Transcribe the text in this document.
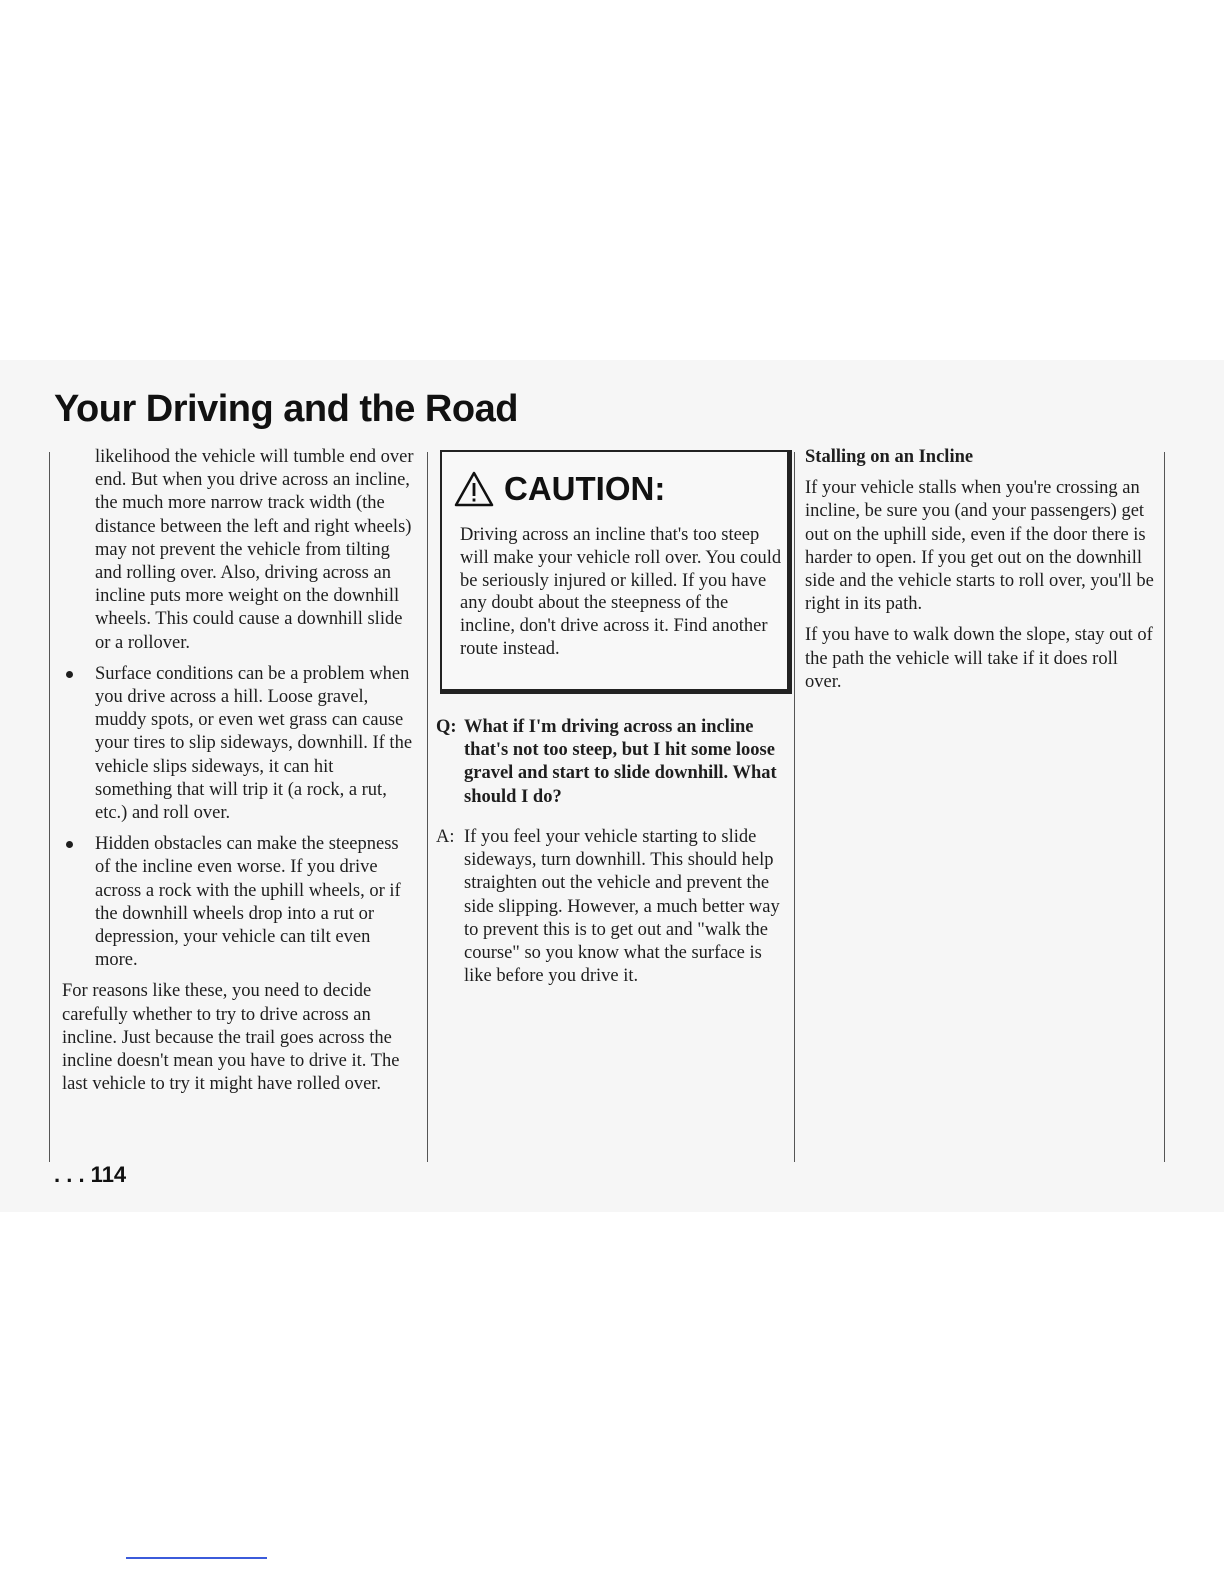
Your Driving and the Road

likelihood the vehicle will tumble end over end. But when you drive across an incline, the much more narrow track width (the distance between the left and right wheels) may not prevent the vehicle from tilting and rolling over. Also, driving across an incline puts more weight on the downhill wheels. This could cause a downhill slide or a rollover.

Surface conditions can be a problem when you drive across a hill. Loose gravel, muddy spots, or even wet grass can cause your tires to slip sideways, downhill. If the vehicle slips sideways, it can hit something that will trip it (a rock, a rut, etc.) and roll over.
Hidden obstacles can make the steepness of the incline even worse. If you drive across a rock with the uphill wheels, or if the downhill wheels drop into a rut or depression, your vehicle can tilt even more.

For reasons like these, you need to decide carefully whether to try to drive across an incline. Just because the trail goes across the incline doesn't mean you have to drive it. The last vehicle to try it might have rolled over.

CAUTION:

Driving across an incline that's too steep will make your vehicle roll over. You could be seriously injured or killed. If you have any doubt about the steepness of the incline, don't drive across it. Find another route instead.

Q: What if I'm driving across an incline that's not too steep, but I hit some loose gravel and start to slide downhill. What should I do?
A: If you feel your vehicle starting to slide sideways, turn downhill. This should help straighten out the vehicle and prevent the side slipping. However, a much better way to prevent this is to get out and "walk the course" so you know what the surface is like before you drive it.

Stalling on an Incline

If your vehicle stalls when you're crossing an incline, be sure you (and your passengers) get out on the uphill side, even if the door there is harder to open. If you get out on the downhill side and the vehicle starts to roll over, you'll be right in its path.

If you have to walk down the slope, stay out of the path the vehicle will take if it does roll over.

. . . 114
